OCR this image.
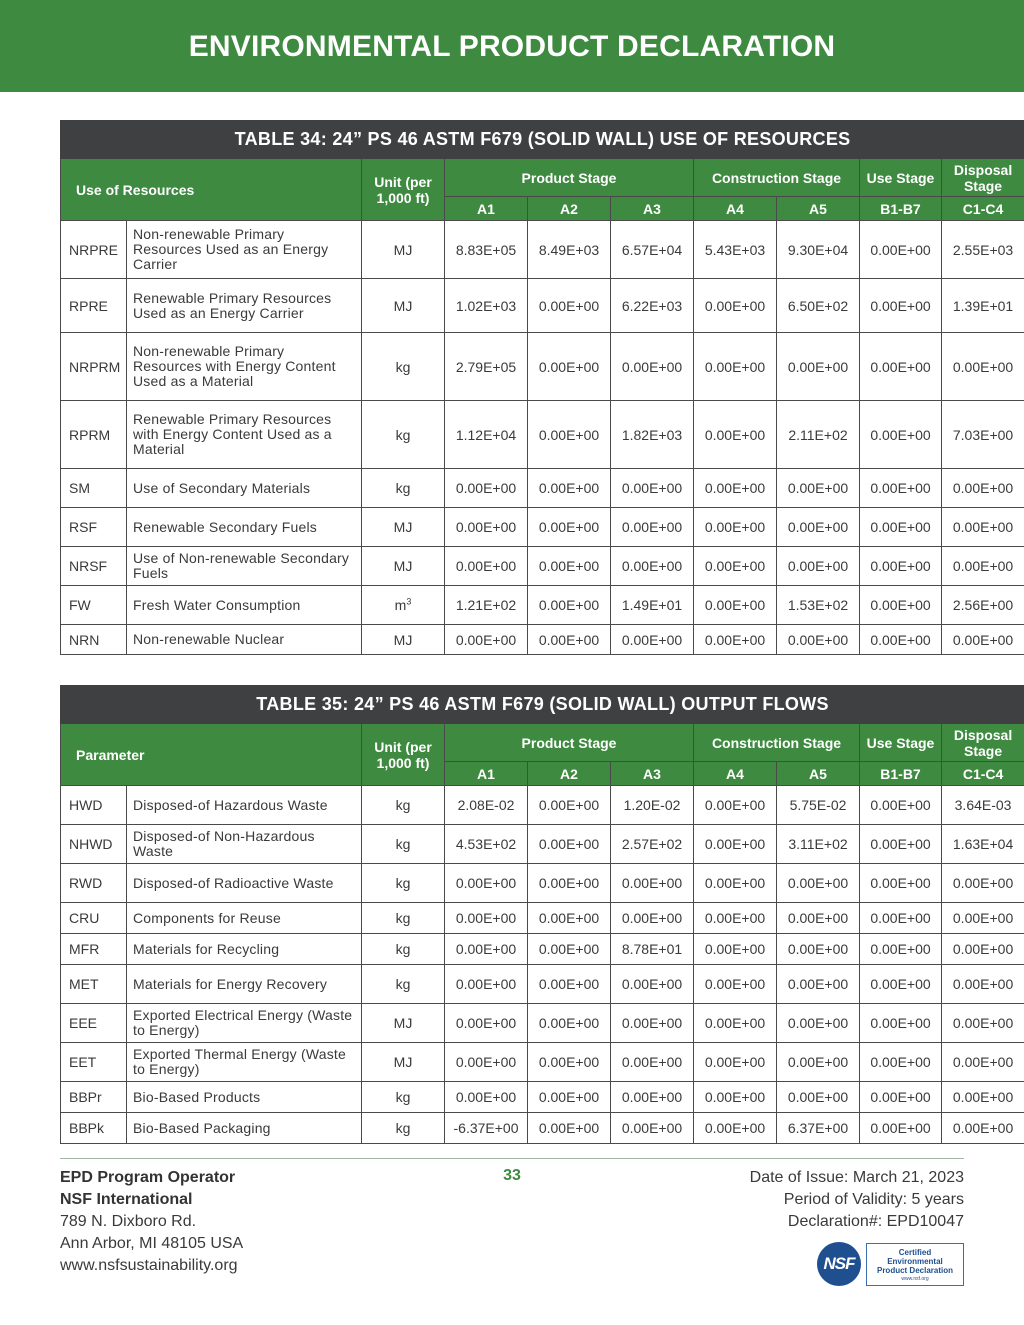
ENVIRONMENTAL PRODUCT DECLARATION
TABLE 34: 24” PS 46 ASTM F679 (SOLID WALL) USE OF RESOURCES									
Use of Resources		Unit (per
1,000 ft)	Product Stage			Construction Stage		Use Stage	Disposal Stage
			A1	A2	A3	A4	A5	B1-B7	C1-C4
NRPRE	Non-renewable Primary Resources Used as an Energy Carrier	MJ	8.83E+05	8.49E+03	6.57E+04	5.43E+03	9.30E+04	0.00E+00	2.55E+03
RPRE	Renewable Primary Resources Used as an Energy Carrier	MJ	1.02E+03	0.00E+00	6.22E+03	0.00E+00	6.50E+02	0.00E+00	1.39E+01
NRPRM	Non-renewable Primary Resources with Energy Content Used as a Material	kg	2.79E+05	0.00E+00	0.00E+00	0.00E+00	0.00E+00	0.00E+00	0.00E+00
RPRM	Renewable Primary Resources with Energy Content Used as a Material	kg	1.12E+04	0.00E+00	1.82E+03	0.00E+00	2.11E+02	0.00E+00	7.03E+00
SM	Use of Secondary Materials	kg	0.00E+00	0.00E+00	0.00E+00	0.00E+00	0.00E+00	0.00E+00	0.00E+00
RSF	Renewable Secondary Fuels	MJ	0.00E+00	0.00E+00	0.00E+00	0.00E+00	0.00E+00	0.00E+00	0.00E+00
NRSF	Use of Non-renewable Secondary Fuels	MJ	0.00E+00	0.00E+00	0.00E+00	0.00E+00	0.00E+00	0.00E+00	0.00E+00
FW	Fresh Water Consumption	$m^3$	1.21E+02	0.00E+00	1.49E+01	0.00E+00	1.53E+02	0.00E+00	2.56E+00
NRN	Non-renewable Nuclear	MJ	0.00E+00	0.00E+00	0.00E+00	0.00E+00	0.00E+00	0.00E+00	0.00E+00
TABLE 35: 24” PS 46 ASTM F679 (SOLID WALL) OUTPUT FLOWS									
Parameter		Unit (per
1,000 ft)	Product Stage			Construction Stage		Use Stage	Disposal Stage
			A1	A2	A3	A4	A5	B1-B7	C1-C4
HWD	Disposed-of Hazardous Waste	kg	2.08E-02	0.00E+00	1.20E-02	0.00E+00	5.75E-02	0.00E+00	3.64E-03
NHWD	Disposed-of Non-Hazardous Waste	kg	4.53E+02	0.00E+00	2.57E+02	0.00E+00	3.11E+02	0.00E+00	1.63E+04
RWD	Disposed-of Radioactive Waste	kg	0.00E+00	0.00E+00	0.00E+00	0.00E+00	0.00E+00	0.00E+00	0.00E+00
CRU	Components for Reuse	kg	0.00E+00	0.00E+00	0.00E+00	0.00E+00	0.00E+00	0.00E+00	0.00E+00
MFR	Materials for Recycling	kg	0.00E+00	0.00E+00	8.78E+01	0.00E+00	0.00E+00	0.00E+00	0.00E+00
MET	Materials for Energy Recovery	kg	0.00E+00	0.00E+00	0.00E+00	0.00E+00	0.00E+00	0.00E+00	0.00E+00
EEE	Exported Electrical Energy (Waste to Energy)	MJ	0.00E+00	0.00E+00	0.00E+00	0.00E+00	0.00E+00	0.00E+00	0.00E+00
EET	Exported Thermal Energy (Waste to Energy)	MJ	0.00E+00	0.00E+00	0.00E+00	0.00E+00	0.00E+00	0.00E+00	0.00E+00
BBPr	Bio-Based Products	kg	0.00E+00	0.00E+00	0.00E+00	0.00E+00	0.00E+00	0.00E+00	0.00E+00
BBPk	Bio-Based Packaging	kg	-6.37E+00	0.00E+00	0.00E+00	0.00E+00	6.37E+00	0.00E+00	0.00E+00
EPD Program Operator
NSF International
789 N. Dixboro Rd.
Ann Arbor, MI 48105 USA
www.nsfsustainability.org
33	Date of Issue: March 21, 2023
Period of Validity: 5 years
Declaration#: EPD10047
NSF
Certified
Environmental
Product Declaration
www.nsf.org
